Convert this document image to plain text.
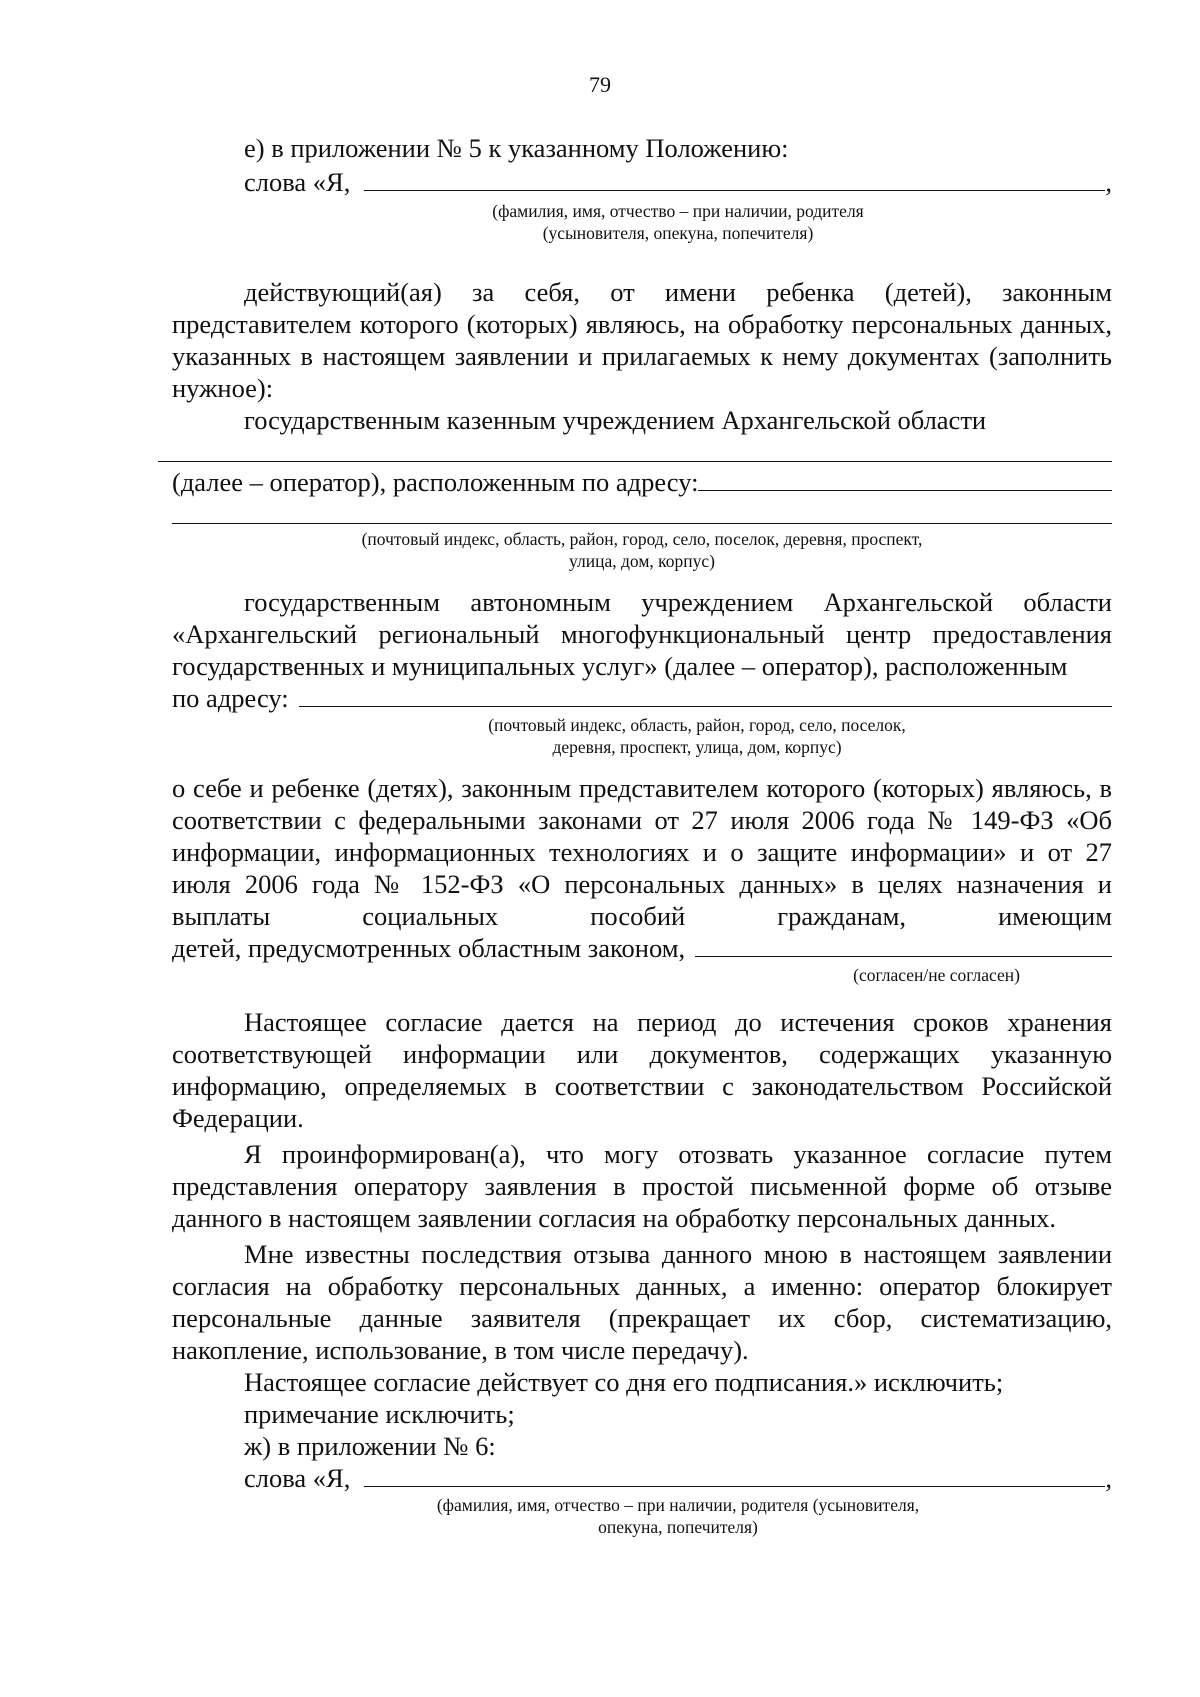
79

е) в приложении № 5 к указанному Положению:

слова «Я,	,

(фамилия, имя, отчество – при наличии, родителя

(усыновителя, опекуна, попечителя)

действующий(ая) за себя, от имени ребенка (детей), законным представителем которого (которых) являюсь, на обработку персональных данных, указанных в настоящем заявлении и прилагаемых к нему документах (заполнить нужное):

государственным казенным учреждением Архангельской области

(далее – оператор), расположенным по адресу:

(почтовый индекс, область, район, город, село, поселок, деревня, проспект,

улица, дом, корпус)

государственным автономным учреждением Архангельской области «Архангельский региональный многофункциональный центр предоставления государственных и муниципальных услуг» (далее – оператор), расположенным

по адресу:

(почтовый индекс, область, район, город, село, поселок,

деревня, проспект, улица, дом, корпус)

о себе и ребенке (детях), законным представителем которого (которых) являюсь, в соответствии с федеральными законами от 27 июля 2006 года № 149-ФЗ «Об информации, информационных технологиях и о защите информации» и от 27 июля 2006 года № 152-ФЗ «О персональных данных» в целях назначения и выплаты социальных пособий гражданам, имеющим

детей, предусмотренных областным законом,

(согласен/не согласен)

Настоящее согласие дается на период до истечения сроков хранения соответствующей информации или документов, содержащих указанную информацию, определяемых в соответствии с законодательством Российской Федерации.

Я проинформирован(а), что могу отозвать указанное согласие путем представления оператору заявления в простой письменной форме об отзыве данного в настоящем заявлении согласия на обработку персональных данных.

Мне известны последствия отзыва данного мною в настоящем заявлении согласия на обработку персональных данных, а именно: оператор блокирует персональные данные заявителя (прекращает их сбор, систематизацию, накопление, использование, в том числе передачу).

Настоящее согласие действует со дня его подписания.» исключить;

примечание исключить;

ж) в приложении № 6:

слова «Я,	,

(фамилия, имя, отчество – при наличии, родителя (усыновителя,

опекуна, попечителя)
